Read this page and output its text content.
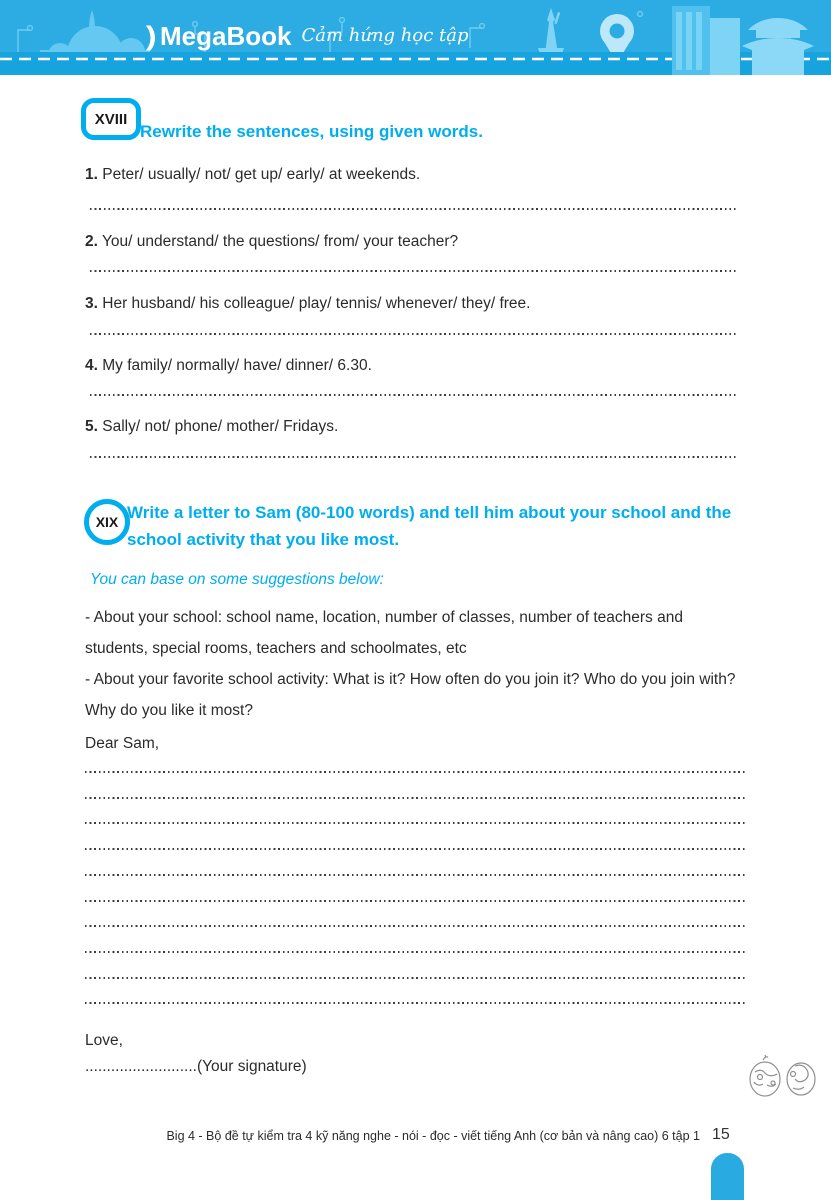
MegaBook Cảm hứng học tập
XVIII
Rewrite the sentences, using given words.
1. Peter/ usually/ not/ get up/ early/ at weekends.
2. You/ understand/ the questions/ from/ your teacher?
3. Her husband/ his colleague/ play/ tennis/ whenever/ they/ free.
4. My family/ normally/ have/ dinner/ 6.30.
5. Sally/ not/ phone/ mother/ Fridays.
XIX Write a letter to Sam (80-100 words) and tell him about your school and the school activity that you like most.
You can base on some suggestions below:
- About your school: school name, location, number of classes, number of teachers and students, special rooms, teachers and schoolmates, etc
- About your favorite school activity: What is it? How often do you join it? Who do you join with? Why do you like it most?
Dear Sam,
Love,
..........................(Your signature)
Big 4 - Bộ đề tự kiểm tra 4 kỹ năng nghe - nói - đọc - viết tiếng Anh (cơ bản và nâng cao) 6 tập 1 15
